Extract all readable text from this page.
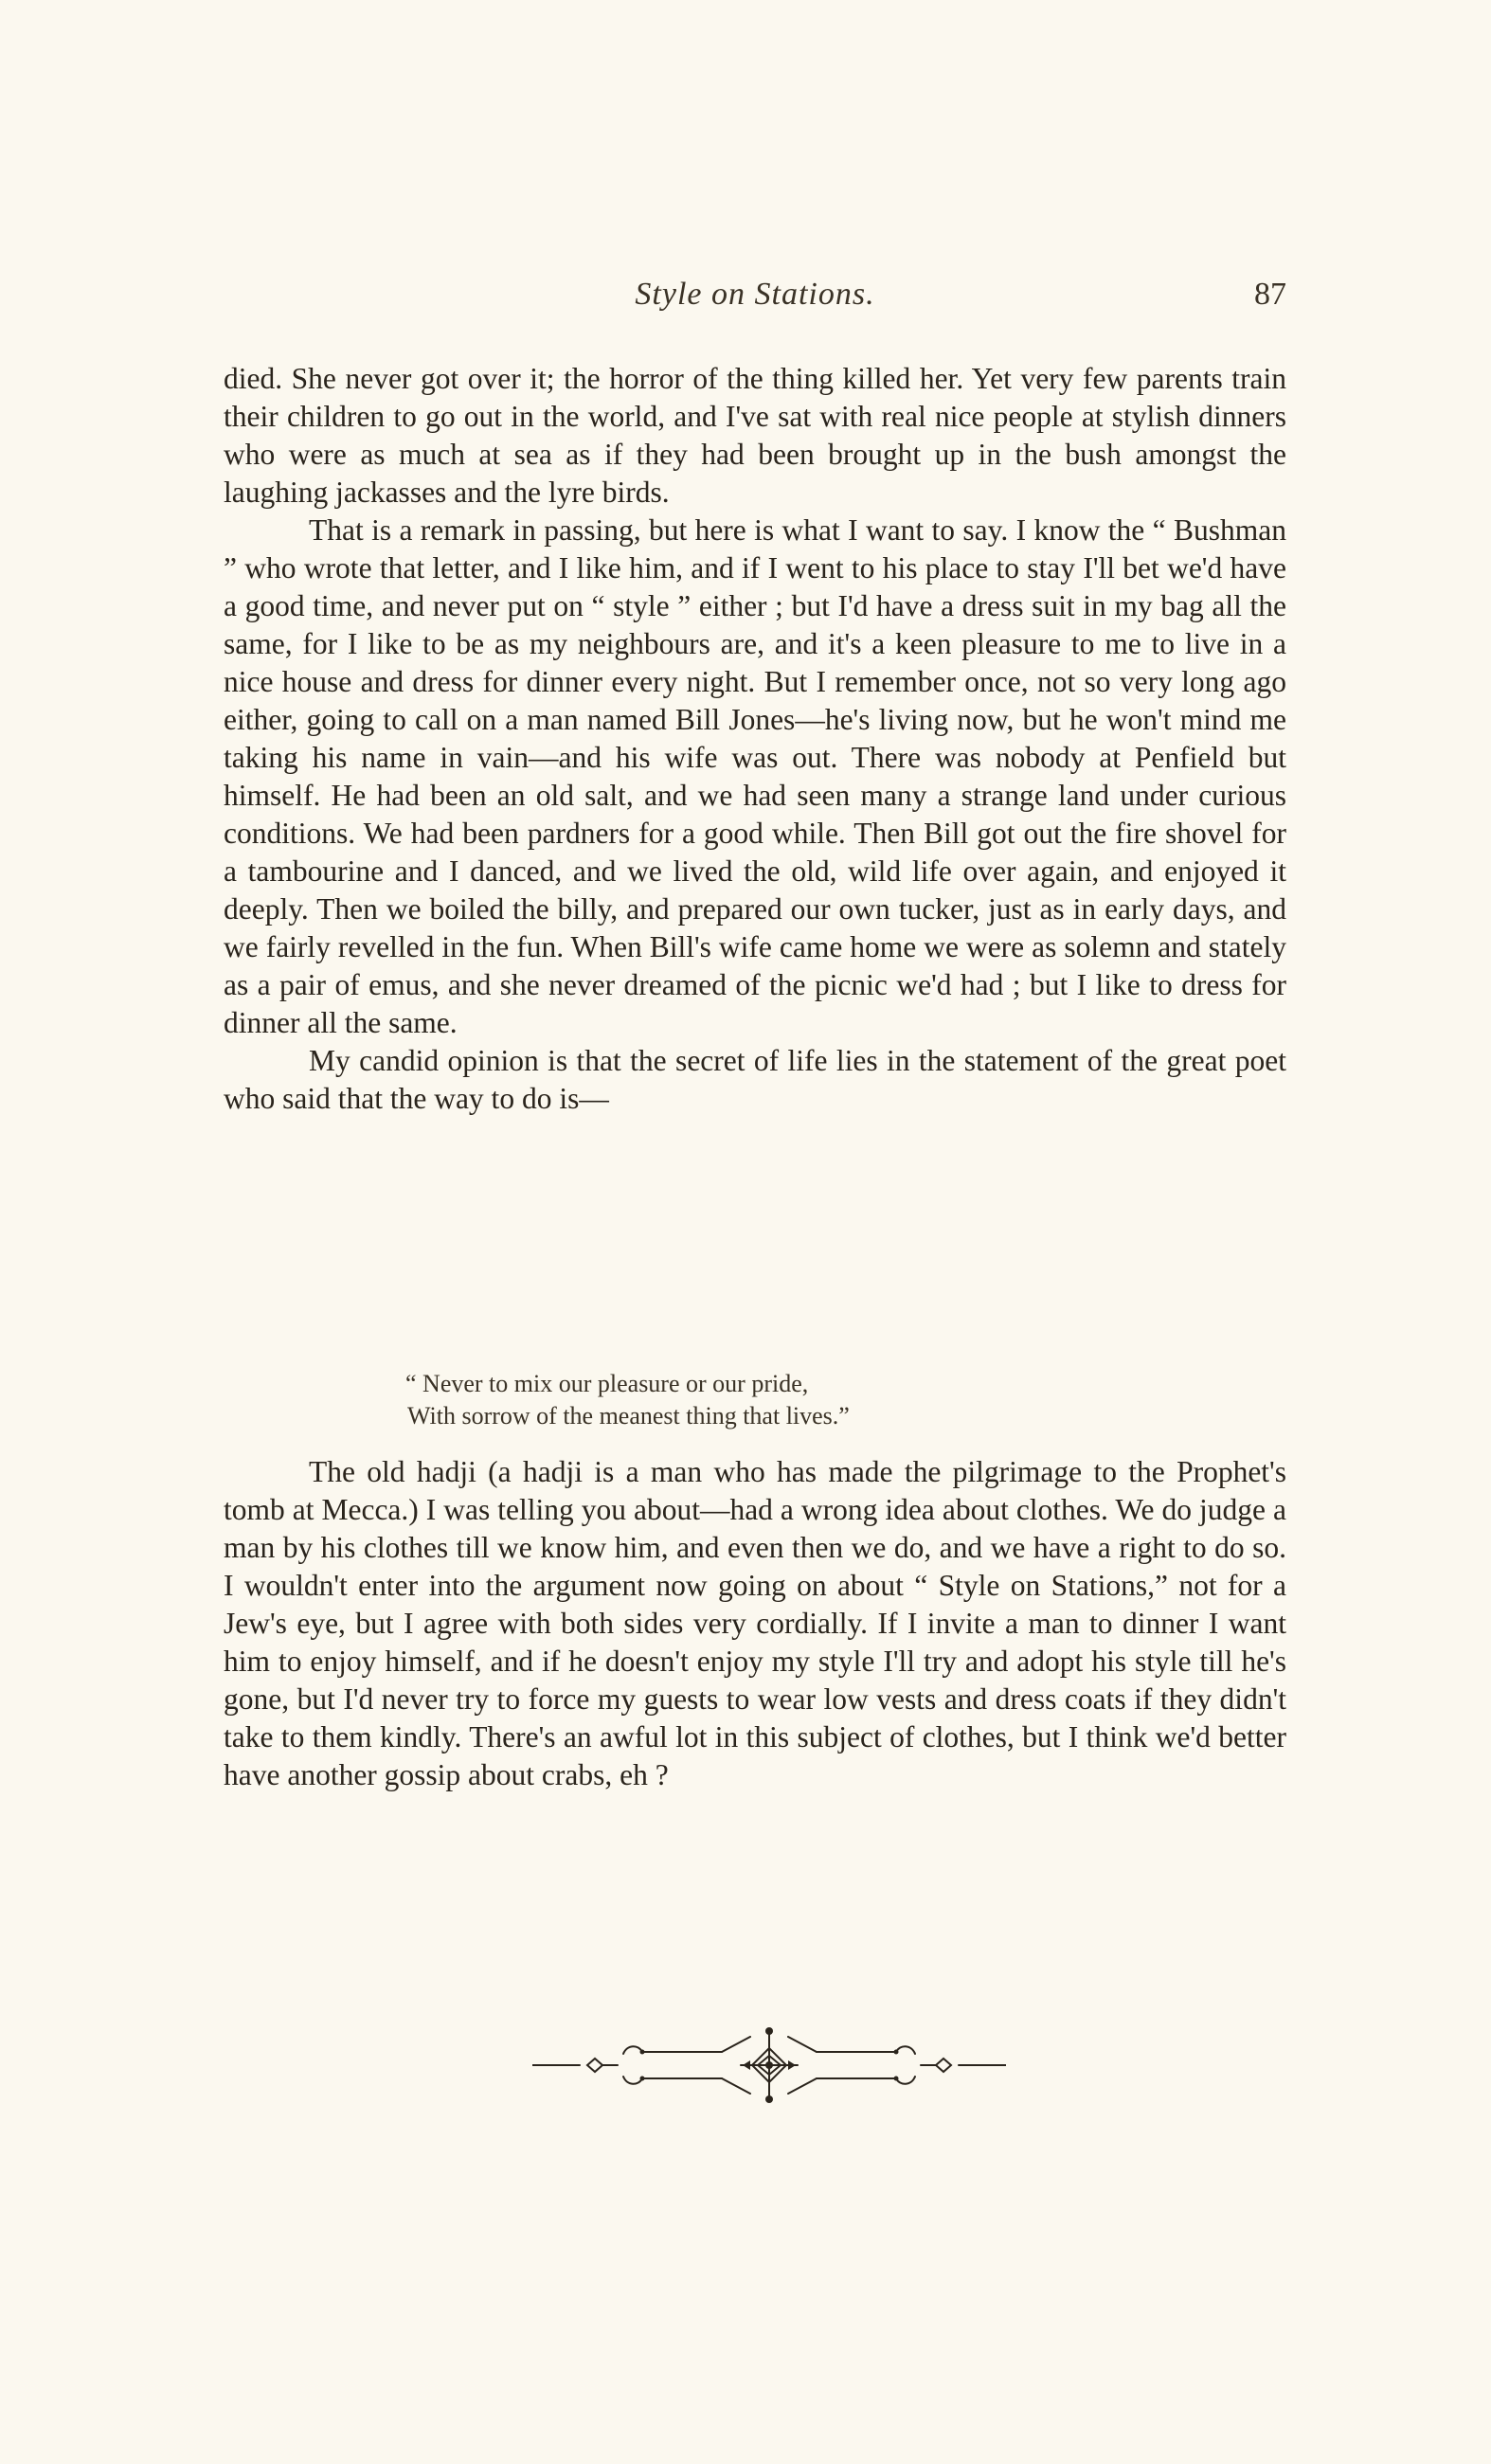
Style on Stations.	87

died. She never got over it; the horror of the thing killed her. Yet very few parents train their children to go out in the world, and I've sat with real nice people at stylish dinners who were as much at sea as if they had been brought up in the bush amongst the laughing jackasses and the lyre birds.

That is a remark in passing, but here is what I want to say. I know the “ Bushman ” who wrote that letter, and I like him, and if I went to his place to stay I'll bet we'd have a good time, and never put on “ style ” either ; but I'd have a dress suit in my bag all the same, for I like to be as my neighbours are, and it's a keen pleasure to me to live in a nice house and dress for dinner every night. But I remember once, not so very long ago either, going to call on a man named Bill Jones—he's living now, but he won't mind me taking his name in vain—and his wife was out. There was nobody at Penfield but himself. He had been an old salt, and we had seen many a strange land under curious conditions. We had been pardners for a good while. Then Bill got out the fire shovel for a tambourine and I danced, and we lived the old, wild life over again, and enjoyed it deeply. Then we boiled the billy, and prepared our own tucker, just as in early days, and we fairly revelled in the fun. When Bill's wife came home we were as solemn and stately as a pair of emus, and she never dreamed of the picnic we'd had ; but I like to dress for dinner all the same.

My candid opinion is that the secret of life lies in the statement of the great poet who said that the way to do is—

“ Never to mix our pleasure or our pride,
With sorrow of the meanest thing that lives.”

The old hadji (a hadji is a man who has made the pilgrimage to the Prophet's tomb at Mecca.) I was telling you about—had a wrong idea about clothes. We do judge a man by his clothes till we know him, and even then we do, and we have a right to do so. I wouldn't enter into the argument now going on about “ Style on Stations,” not for a Jew's eye, but I agree with both sides very cordially. If I invite a man to dinner I want him to enjoy himself, and if he doesn't enjoy my style I'll try and adopt his style till he's gone, but I'd never try to force my guests to wear low vests and dress coats if they didn't take to them kindly. There's an awful lot in this subject of clothes, but I think we'd better have another gossip about crabs, eh ?
